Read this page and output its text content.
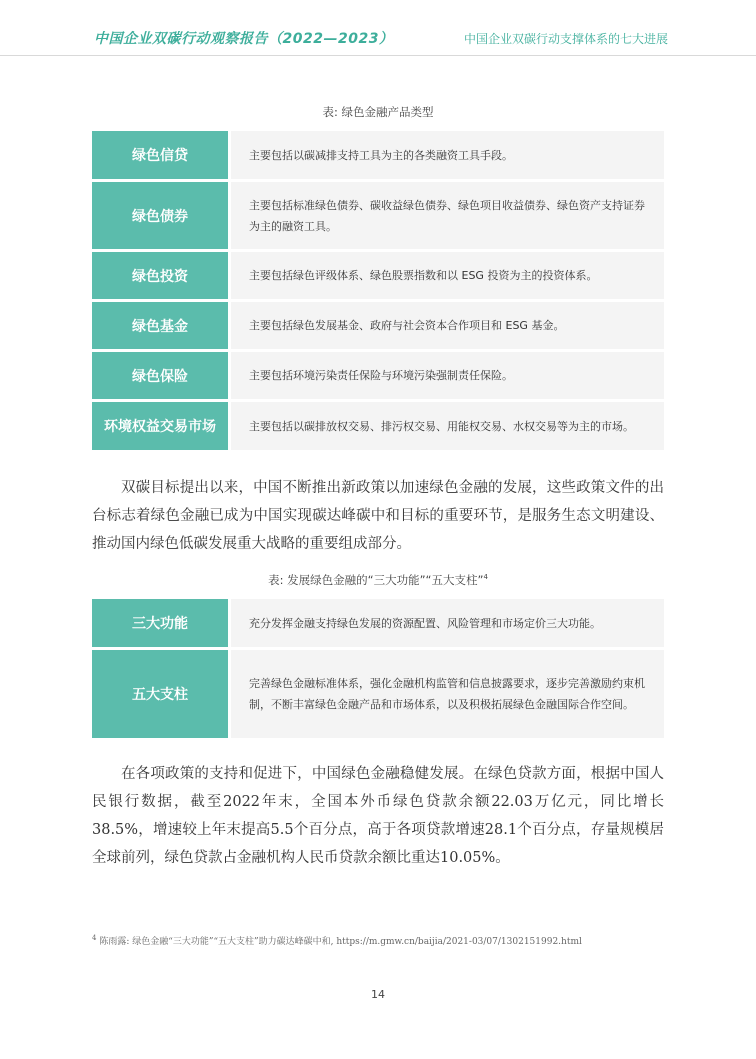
中国企业双碳行动观察报告（2022—2023）	中国企业双碳行动支撑体系的七大进展
表: 绿色金融产品类型
绿色信贷	主要包括以碳减排支持工具为主的各类融资工具手段。
绿色债券	主要包括标准绿色债券、碳收益绿色债券、绿色项目收益债券、绿色资产支持证券为主的融资工具。
绿色投资	主要包括绿色评级体系、绿色股票指数和以 ESG 投资为主的投资体系。
绿色基金	主要包括绿色发展基金、政府与社会资本合作项目和 ESG 基金。
绿色保险	主要包括环境污染责任保险与环境污染强制责任保险。
环境权益交易市场	主要包括以碳排放权交易、排污权交易、用能权交易、水权交易等为主的市场。

双碳目标提出以来，中国不断推出新政策以加速绿色金融的发展，这些政策文件的出台标志着绿色金融已成为中国实现碳达峰碳中和目标的重要环节，是服务生态文明建设、推动国内绿色低碳发展重大战略的重要组成部分。

表: 发展绿色金融的“三大功能”“五大支柱”$^4$
三大功能	充分发挥金融支持绿色发展的资源配置、风险管理和市场定价三大功能。
五大支柱	完善绿色金融标准体系，强化金融机构监管和信息披露要求，逐步完善激励约束机制，不断丰富绿色金融产品和市场体系，以及积极拓展绿色金融国际合作空间。

在各项政策的支持和促进下，中国绿色金融稳健发展。在绿色贷款方面，根据中国人民银行数据，截至2022年末，全国本外币绿色贷款余额22.03万亿元，同比增长38.5%，增速较上年末提高5.5个百分点，高于各项贷款增速28.1个百分点，存量规模居全球前列，绿色贷款占金融机构人民币贷款余额比重达10.05%。

$^4$ 陈雨露: 绿色金融“三大功能”“五大支柱”助力碳达峰碳中和, https://m.gmw.cn/baijia/2021-03/07/1302151992.html
14
